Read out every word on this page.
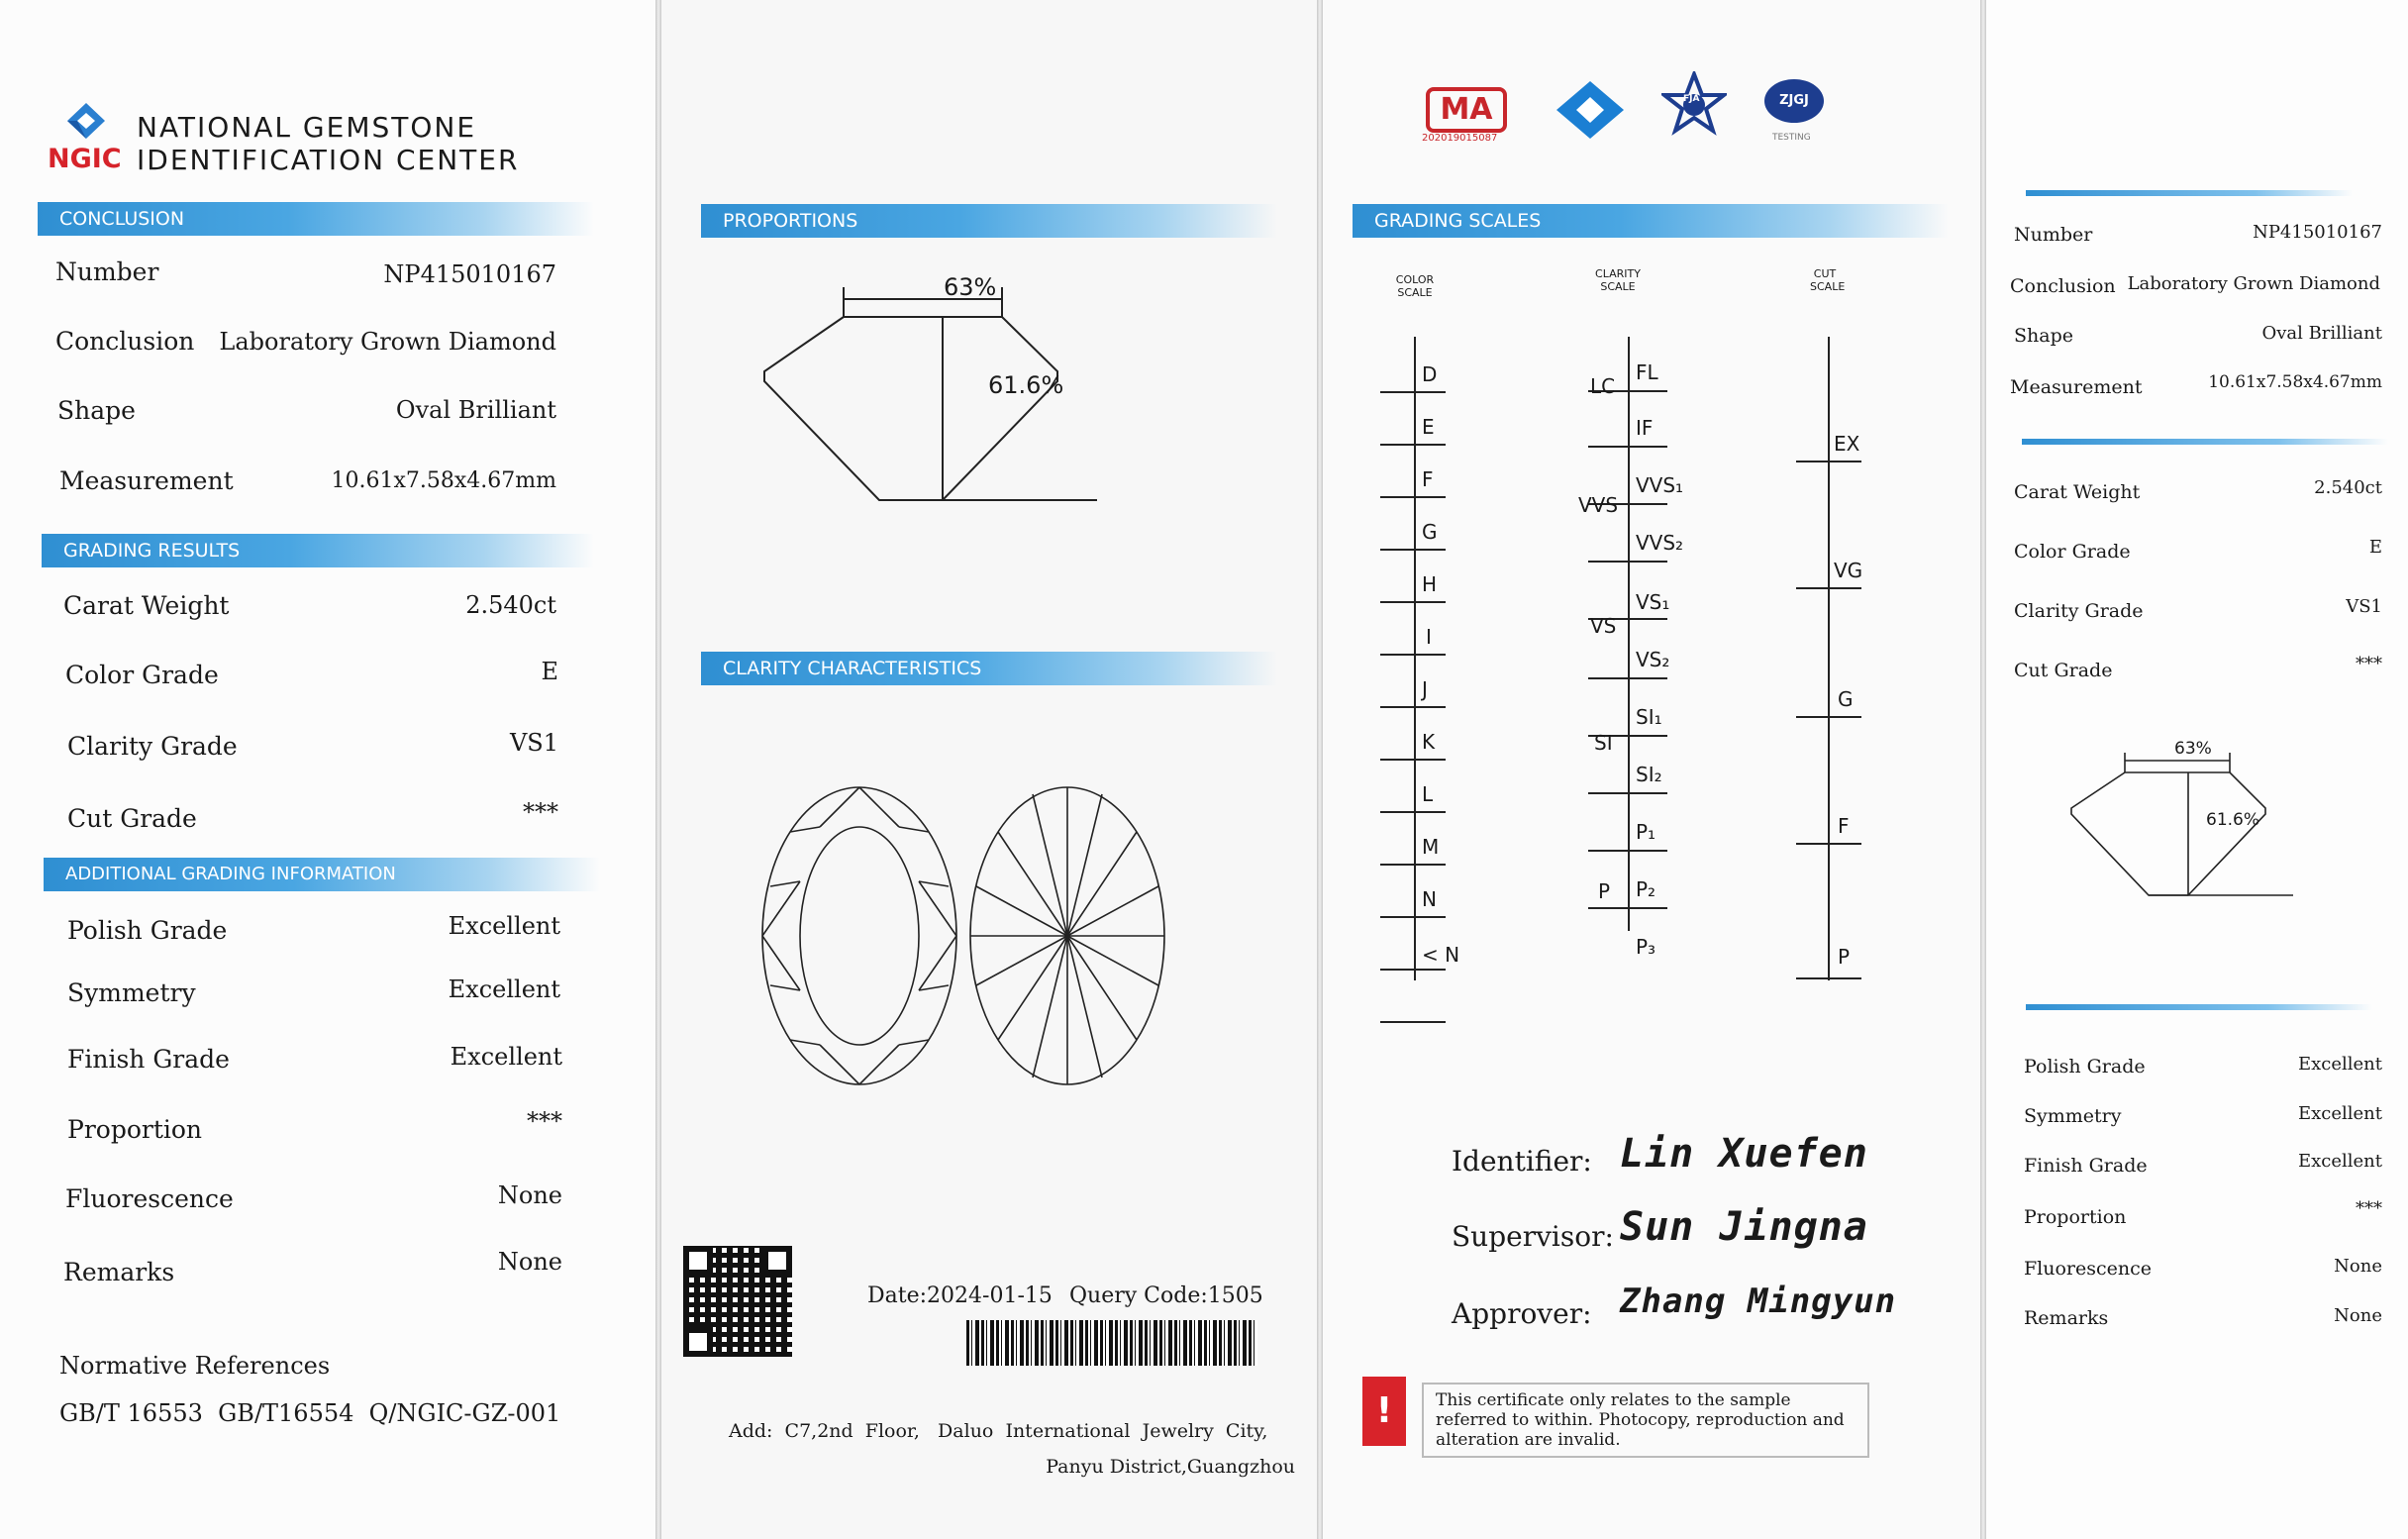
NGIC
NATIONAL GEMSTONE
IDENTIFICATION CENTER
CONCLUSION
Number	NP415010167
Conclusion Laboratory Grown Diamond
Shape	Oval Brilliant
Measurement	10.61x7.58x4.67mm
GRADING RESULTS
Carat Weight	2.540ct
Color Grade	E
Clarity Grade	VS1
Cut Grade	***
ADDITIONAL GRADING INFORMATION
Polish Grade	Excellent
Symmetry	Excellent
Finish Grade	Excellent
Proportion	***
Fluorescence	None
Remarks	None
Normative References
GB/T 16553  GB/T16554  Q/NGIC-GZ-001
PROPORTIONS
63%
61.6%
CLARITY CHARACTERISTICS
Date:2024-01-15 Query Code:1505
Add:  C7,2nd  Floor,   Daluo  International  Jewelry  City,
Panyu District,Guangzhou
MA
202019015087
FJA	ZJGJ
TESTING
GRADING SCALES
COLOR SCALE
CLARITY SCALE
CUT SCALE
D
E
F
G
H
I
J
K
L
M
N
< N
LC
VVS
VS
SI
P
FL
IF
VVS₁
VVS₂
VS₁
VS₂
SI₁
SI₂
P₁
P₂
P₃
EX
VG
G
F
P
Identifier: Lin Xuefen
Supervisor: Sun Jingna
Approver: Zhang Mingyun
!	This certificate only relates to the sample referred to within. Photocopy, reproduction and alteration are invalid.
Number	NP415010167
Conclusion Laboratory Grown Diamond
Shape	Oval Brilliant
Measurement	10.61x7.58x4.67mm
Carat Weight	2.540ct
Color Grade	E
Clarity Grade	VS1
Cut Grade	***
63%
61.6%
Polish Grade	Excellent
Symmetry	Excellent
Finish Grade	Excellent
Proportion	***
Fluorescence	None
Remarks	None
